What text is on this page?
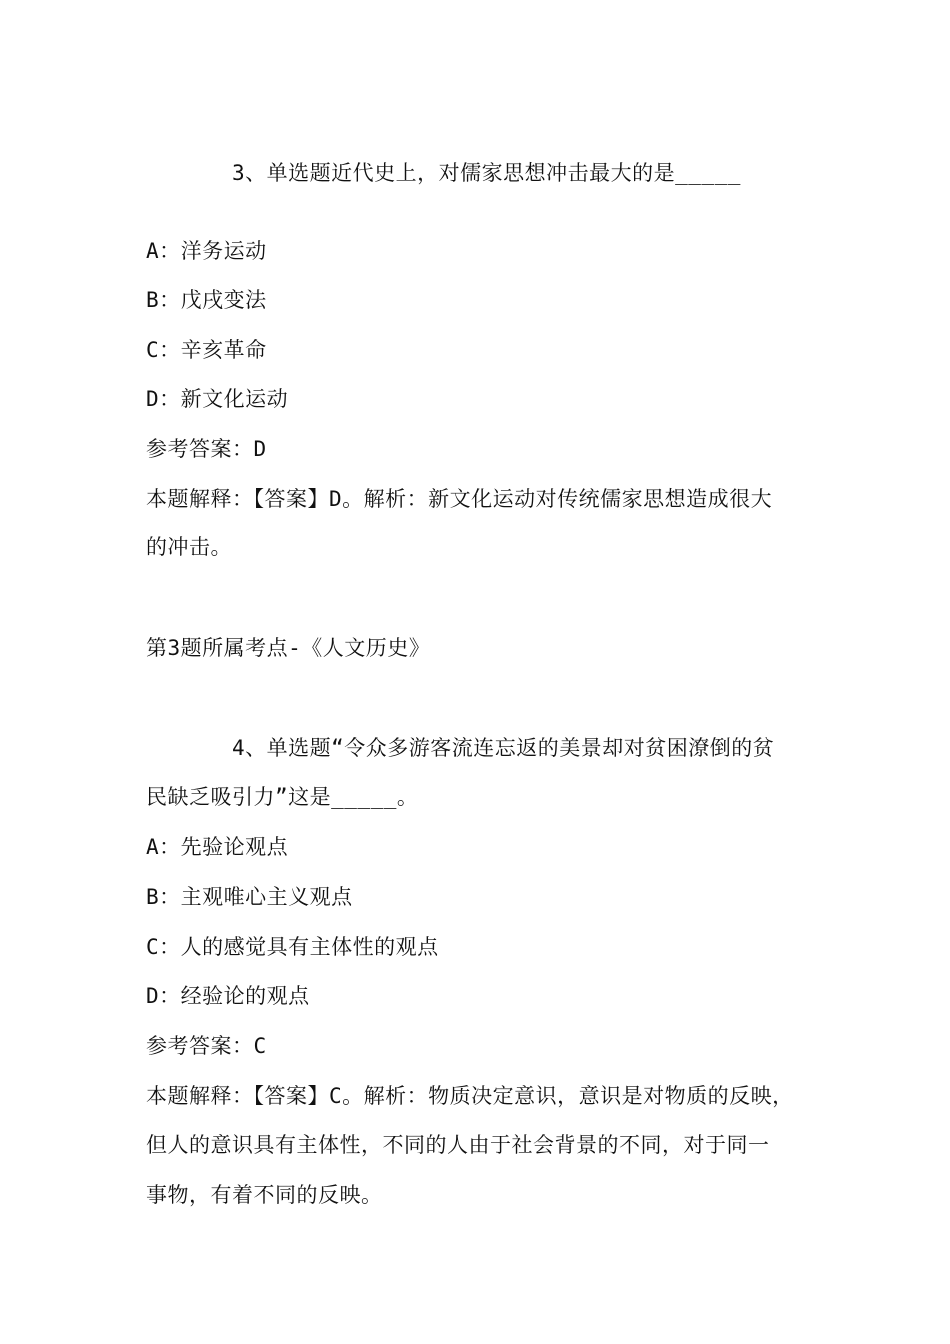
3、单选题近代史上，对儒家思想冲击最大的是_____
A：洋务运动
B：戊戌变法
C：辛亥革命
D：新文化运动
参考答案：D
本题解释：【答案】D。解析：新文化运动对传统儒家思想造成很大
的冲击。
第3题所属考点-《人文历史》
4、单选题“令众多游客流连忘返的美景却对贫困潦倒的贫
民缺乏吸引力”这是_____。
A：先验论观点
B：主观唯心主义观点
C：人的感觉具有主体性的观点
D：经验论的观点
参考答案：C
本题解释：【答案】C。解析：物质决定意识，意识是对物质的反映，
但人的意识具有主体性，不同的人由于社会背景的不同，对于同一
事物，有着不同的反映。
